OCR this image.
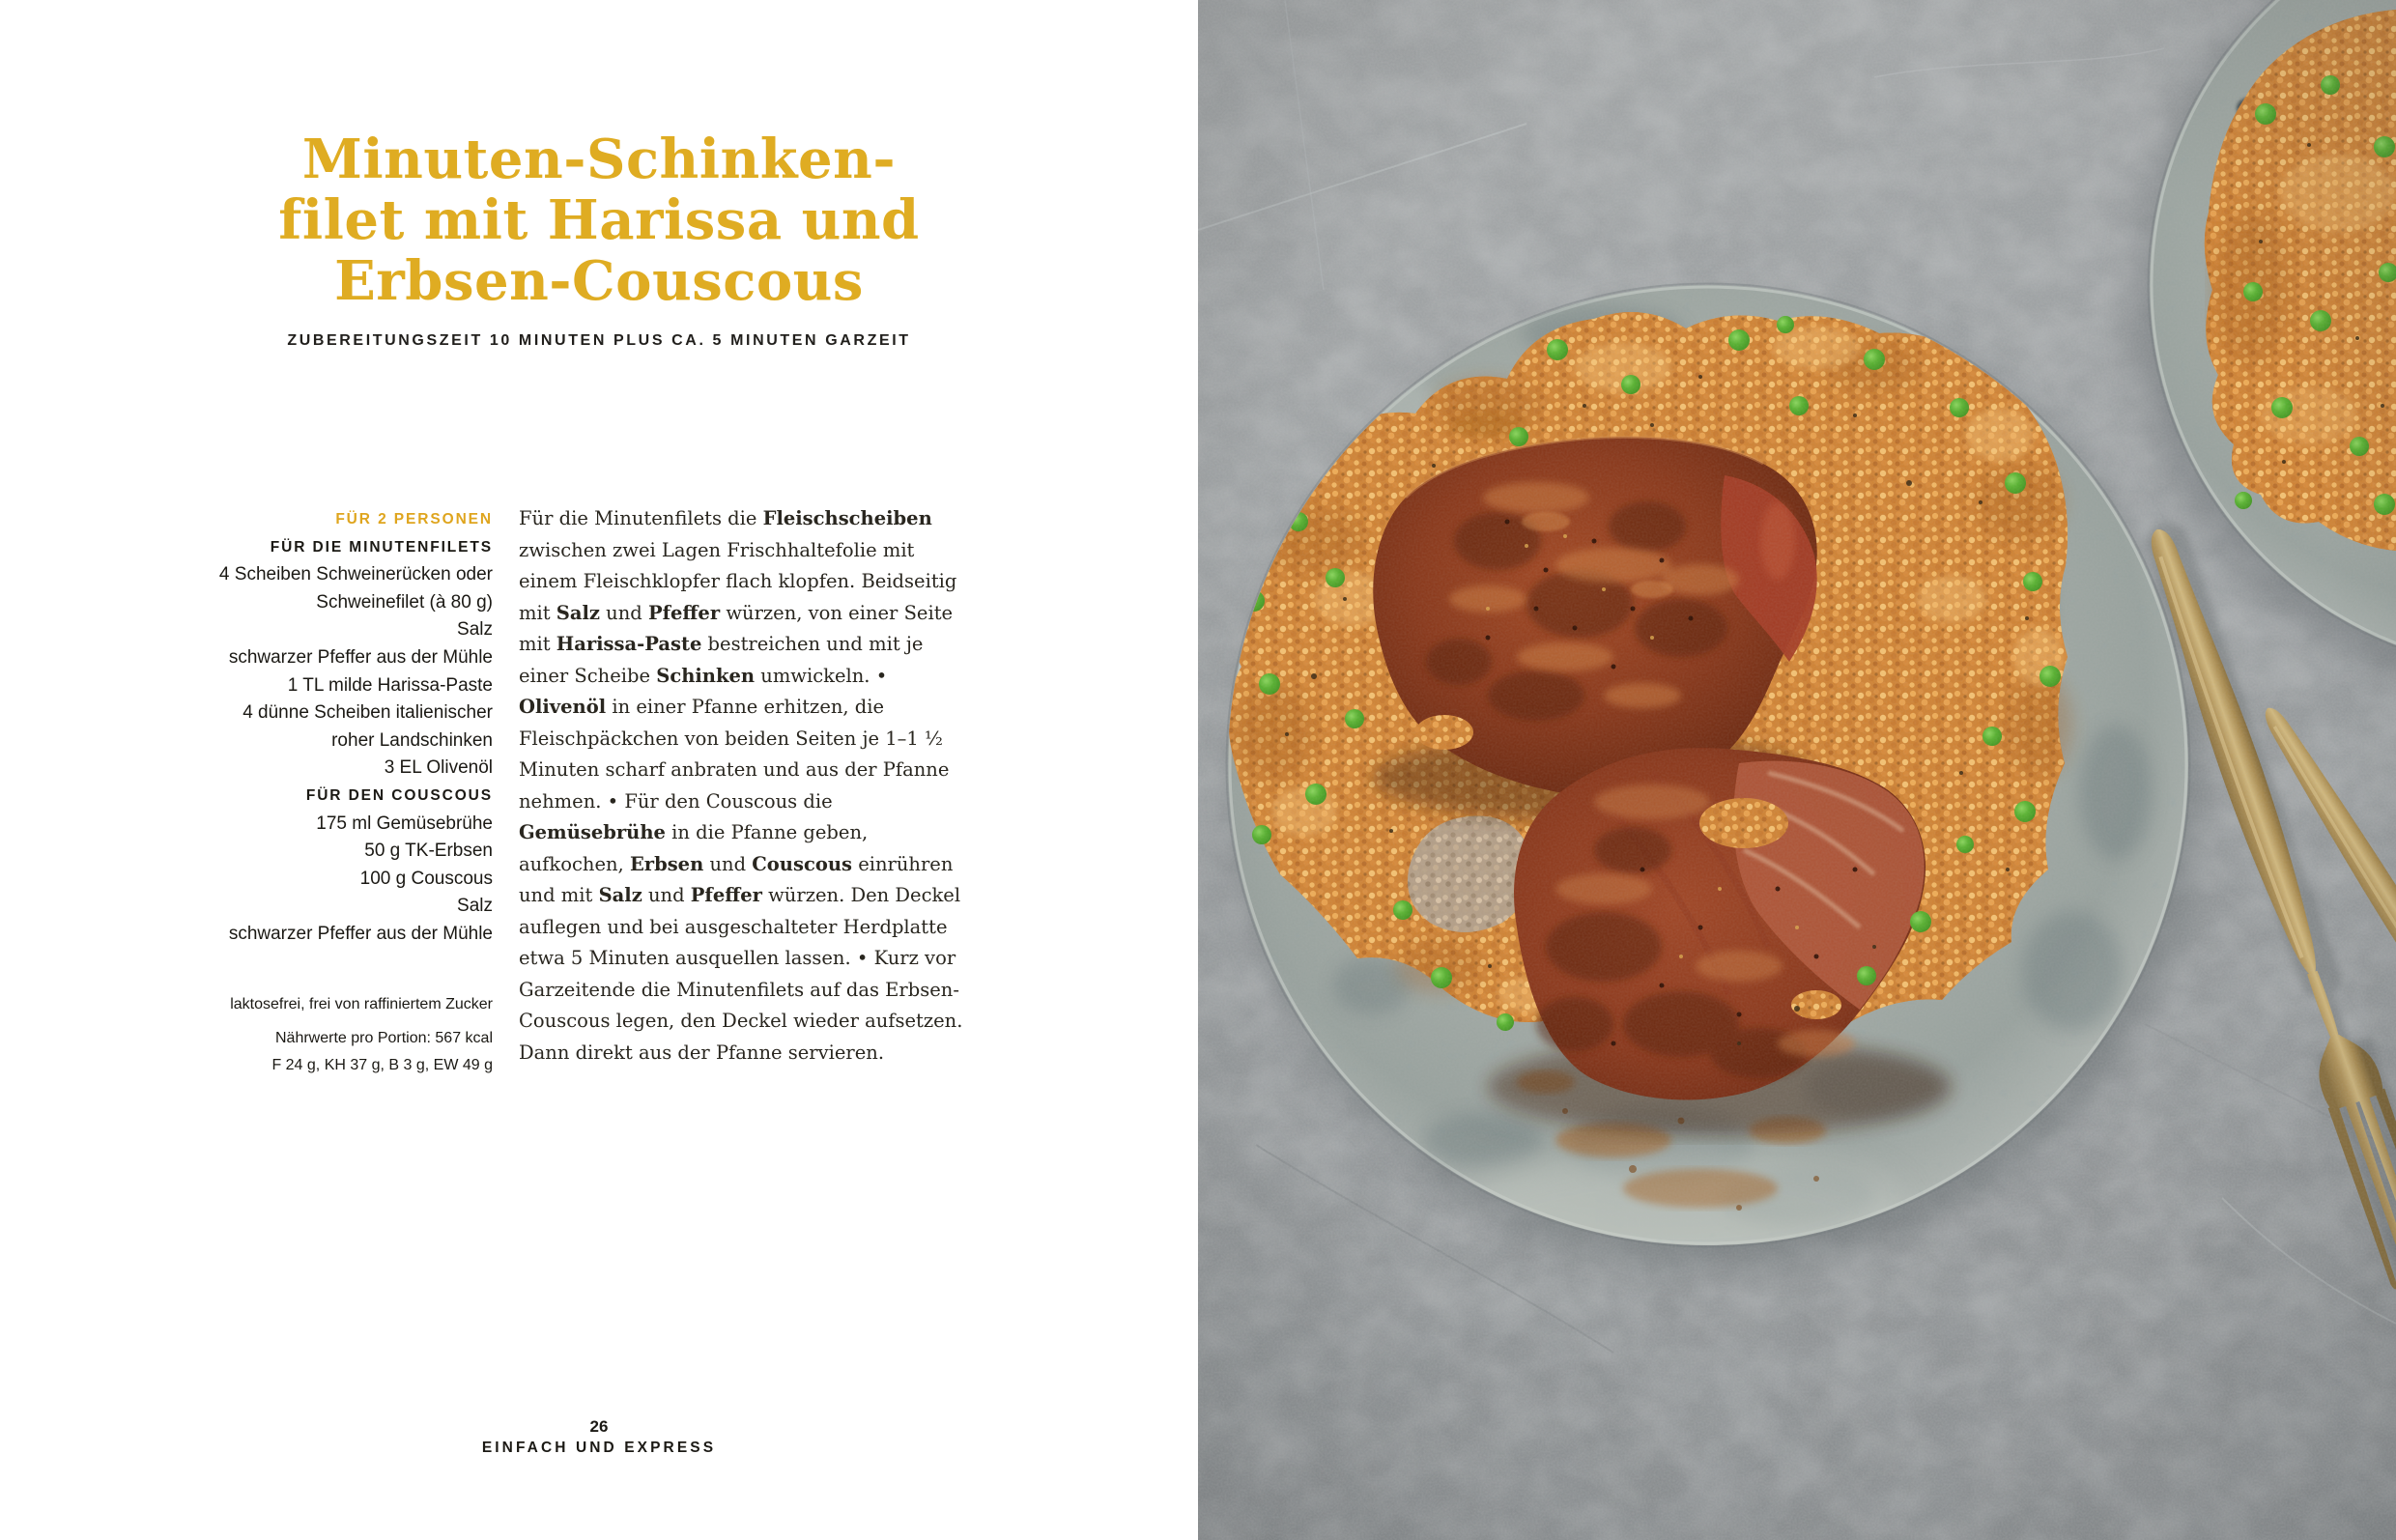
Minuten-Schinken-
filet mit Harissa und
Erbsen-Couscous
ZUBEREITUNGSZEIT 10 MINUTEN PLUS CA. 5 MINUTEN GARZEIT
FÜR 2 PERSONEN
FÜR DIE MINUTENFILETS
4 Scheiben Schweinerücken oder
Schweinefilet (à 80 g)
Salz
schwarzer Pfeffer aus der Mühle
1 TL milde Harissa-Paste
4 dünne Scheiben italienischer
roher Landschinken
3 EL Olivenöl
FÜR DEN COUSCOUS
175 ml Gemüsebrühe
50 g TK-Erbsen
100 g Couscous
Salz
schwarzer Pfeffer aus der Mühle
laktosefrei, frei von raffiniertem Zucker
Nährwerte pro Portion: 567 kcal
F 24 g, KH 37 g, B 3 g, EW 49 g

Für die Minutenfilets die Fleischscheiben zwischen zwei Lagen Frischhaltefolie mit einem Fleischklopfer flach klopfen. Beidseitig mit Salz und Pfeffer würzen, von einer Seite mit Harissa-Paste bestreichen und mit je einer Scheibe Schinken umwickeln. • Olivenöl in einer Pfanne erhitzen, die Fleischpäckchen von beiden Seiten je 1–1 ½ Minuten scharf anbraten und aus der Pfanne nehmen. • Für den Couscous die Gemüsebrühe in die Pfanne geben, aufkochen, Erbsen und Couscous einrühren und mit Salz und Pfeffer würzen. Den Deckel auflegen und bei ausgeschalteter Herdplatte etwa 5 Minuten ausquellen lassen. • Kurz vor Garzeitende die Minutenfilets auf das Erbsen-Couscous legen, den Deckel wieder aufsetzen. Dann direkt aus der Pfanne servieren.

26
EINFACH UND EXPRESS
